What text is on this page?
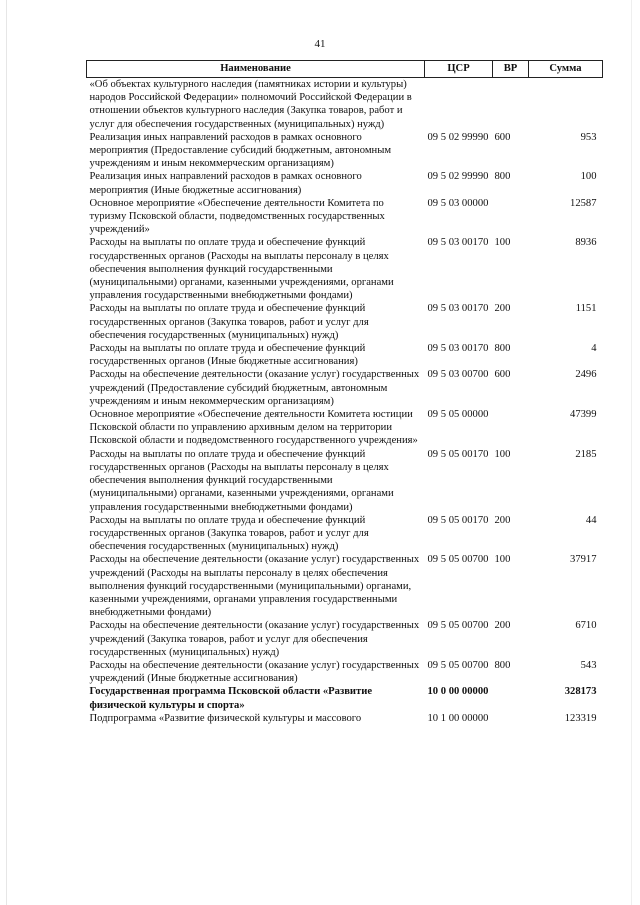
41
Наименование	ЦСР	ВР	Сумма
«Об объектах культурного наследия (памятниках истории и культуры) народов Российской Федерации» полномочий Российской Федерации в отношении объектов культурного наследия (Закупка товаров, работ и услуг для обеспечения государственных (муниципальных) нужд)			
Реализация иных направлений расходов в рамках основного мероприятия (Предоставление субсидий бюджетным, автономным учреждениям и иным некоммерческим организациям)	09 5 02 99990	600	953
Реализация иных направлений расходов в рамках основного мероприятия (Иные бюджетные ассигнования)	09 5 02 99990	800	100
Основное мероприятие «Обеспечение деятельности Комитета по туризму Псковской области, подведомственных государственных учреждений»	09 5 03 00000		12587
Расходы на выплаты по оплате труда и обеспечение функций государственных органов (Расходы на выплаты персоналу в целях обеспечения выполнения функций государственными (муниципальными) органами, казенными учреждениями, органами управления государственными внебюджетными фондами)	09 5 03 00170	100	8936
Расходы на выплаты по оплате труда и обеспечение функций государственных органов (Закупка товаров, работ и услуг для обеспечения государственных (муниципальных) нужд)	09 5 03 00170	200	1151
Расходы на выплаты по оплате труда и обеспечение функций государственных органов (Иные бюджетные ассигнования)	09 5 03 00170	800	4
Расходы на обеспечение деятельности (оказание услуг) государственных учреждений (Предоставление субсидий бюджетным, автономным учреждениям и иным некоммерческим организациям)	09 5 03 00700	600	2496
Основное мероприятие «Обеспечение деятельности Комитета юстиции Псковской области по управлению архивным делом на территории Псковской области и подведомственного государственного учреждения»	09 5 05 00000		47399
Расходы на выплаты по оплате труда и обеспечение функций государственных органов (Расходы на выплаты персоналу в целях обеспечения выполнения функций государственными (муниципальными) органами, казенными учреждениями, органами управления государственными внебюджетными фондами)	09 5 05 00170	100	2185
Расходы на выплаты по оплате труда и обеспечение функций государственных органов (Закупка товаров, работ и услуг для обеспечения государственных (муниципальных) нужд)	09 5 05 00170	200	44
Расходы на обеспечение деятельности (оказание услуг) государственных учреждений (Расходы на выплаты персоналу в целях обеспечения выполнения функций государственными (муниципальными) органами, казенными учреждениями, органами управления государственными внебюджетными фондами)	09 5 05 00700	100	37917
Расходы на обеспечение деятельности (оказание услуг) государственных учреждений (Закупка товаров, работ и услуг для обеспечения государственных (муниципальных) нужд)	09 5 05 00700	200	6710
Расходы на обеспечение деятельности (оказание услуг) государственных учреждений (Иные бюджетные ассигнования)	09 5 05 00700	800	543
Государственная программа Псковской области «Развитие физической культуры и спорта»	10 0 00 00000		328173
Подпрограмма «Развитие физической культуры и массового	10 1 00 00000		123319
